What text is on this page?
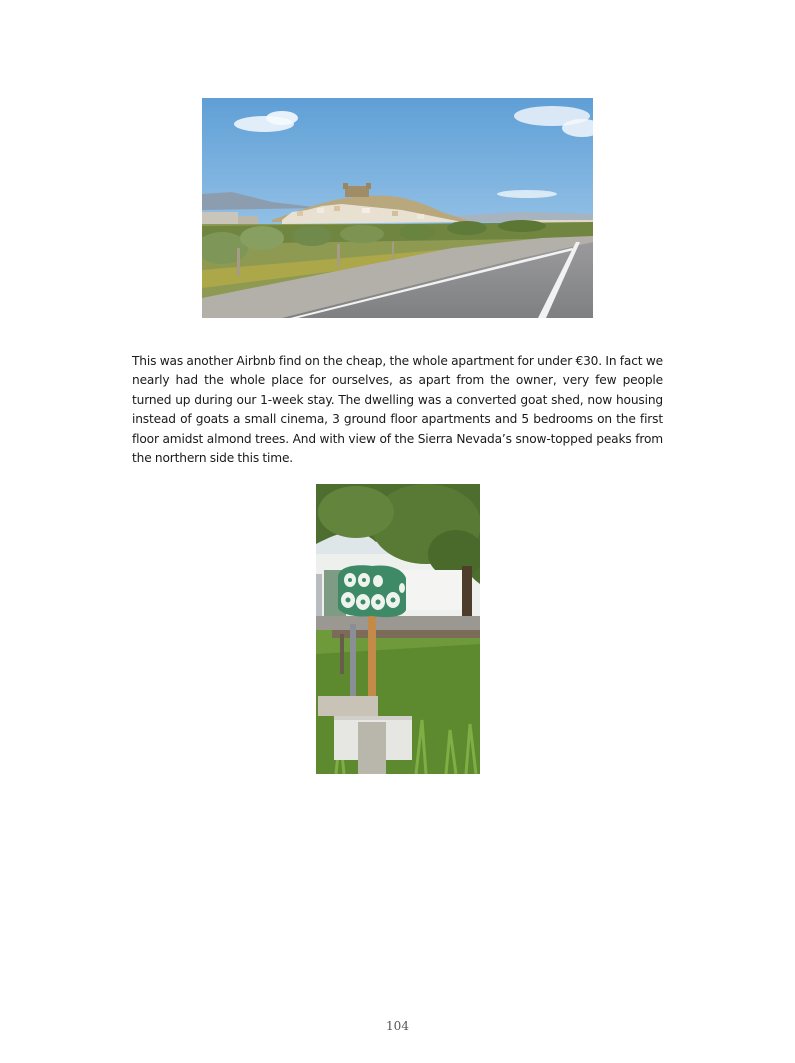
This was another Airbnb find on the cheap, the whole apartment for under €30. In fact we nearly had the whole place for ourselves, as apart from the owner, very few people turned up during our 1-week stay. The dwelling was a converted goat shed, now housing instead of goats a small cinema, 3 ground floor apartments and 5 bedrooms on the first floor amidst almond trees. And with view of the Sierra Nevada’s snow-topped peaks from the northern side this time.

104
